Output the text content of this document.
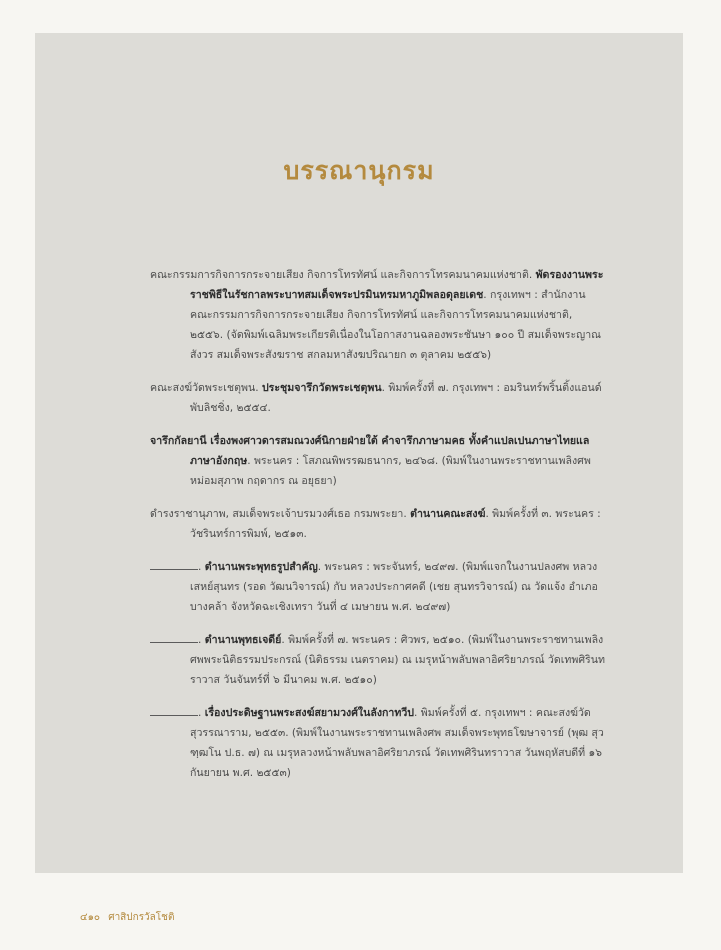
บรรณานุกรม

คณะกรรมการกิจการกระจายเสียง กิจการโทรทัศน์ และกิจการโทรคมนาคมแห่งชาติ. พัดรองงานพระราชพิธีในรัชกาลพระบาทสมเด็จพระปรมินทรมหาภูมิพลอดุลยเดช. กรุงเทพฯ : สำนักงานคณะกรรมการกิจการกระจายเสียง กิจการโทรทัศน์ และกิจการโทรคมนาคมแห่งชาติ, ๒๕๕๖. (จัดพิมพ์เฉลิมพระเกียรติเนื่องในโอกาสงานฉลองพระชันษา ๑๐๐ ปี สมเด็จพระญาณสังวร สมเด็จพระสังฆราช สกลมหาสังฆปริณายก ๓ ตุลาคม ๒๕๕๖)

คณะสงฆ์วัดพระเชตุพน. ประชุมจารึกวัดพระเชตุพน. พิมพ์ครั้งที่ ๗. กรุงเทพฯ : อมรินทร์พริ้นติ้งแอนด์พับลิชชิ่ง, ๒๕๕๔.

จารึกกัลยานี เรื่องพงศาวดารสมณวงศ์นิกายฝ่ายใต้ คำจารึกภาษามคธ ทั้งคำแปลเปนภาษาไทยแลภาษาอังกฤษ. พระนคร : โสภณพิพรรฒธนากร, ๒๔๖๘. (พิมพ์ในงานพระราชทานเพลิงศพหม่อมสุภาพ กฤดากร ณ อยุธยา)

ดำรงราชานุภาพ, สมเด็จพระเจ้าบรมวงศ์เธอ กรมพระยา. ตำนานคณะสงฆ์. พิมพ์ครั้งที่ ๓. พระนคร : วัชรินทร์การพิมพ์, ๒๕๑๓.

. ตำนานพระพุทธรูปสำคัญ. พระนคร : พระจันทร์, ๒๔๙๗. (พิมพ์แจกในงานปลงศพ หลวงเสหย์สุนทร (รอด วัฒนวิจารณ์) กับ หลวงประกาศคดี (เชย สุนทรวิจารณ์) ณ วัดแจ้ง อำเภอบางคล้า จังหวัดฉะเชิงเทรา วันที่ ๔ เมษายน พ.ศ. ๒๔๙๗)

. ตำนานพุทธเจดีย์. พิมพ์ครั้งที่ ๗. พระนคร : ศิวพร, ๒๕๑๐. (พิมพ์ในงานพระราชทานเพลิงศพพระนิติธรรมประกรณ์ (นิติธรรม เนตราคม) ณ เมรุหน้าพลับพลาอิศริยาภรณ์ วัดเทพศิรินทราวาส วันจันทร์ที่ ๖ มีนาคม พ.ศ. ๒๕๑๐)

. เรื่องประดิษฐานพระสงฆ์สยามวงศ์ในลังกาทวีป. พิมพ์ครั้งที่ ๕. กรุงเทพฯ : คณะสงฆ์วัดสุวรรณาราม, ๒๕๕๓. (พิมพ์ในงานพระราชทานเพลิงศพ สมเด็จพระพุทธโฆษาจารย์ (พุฒ สุวฑฺฒโน ป.ธ. ๗) ณ เมรุหลวงหน้าพลับพลาอิศริยาภรณ์ วัดเทพศิรินทราวาส วันพฤหัสบดีที่ ๑๖ กันยายน พ.ศ. ๒๕๕๓)

๔๑๐ ศาสิปกรวัลโชติ
